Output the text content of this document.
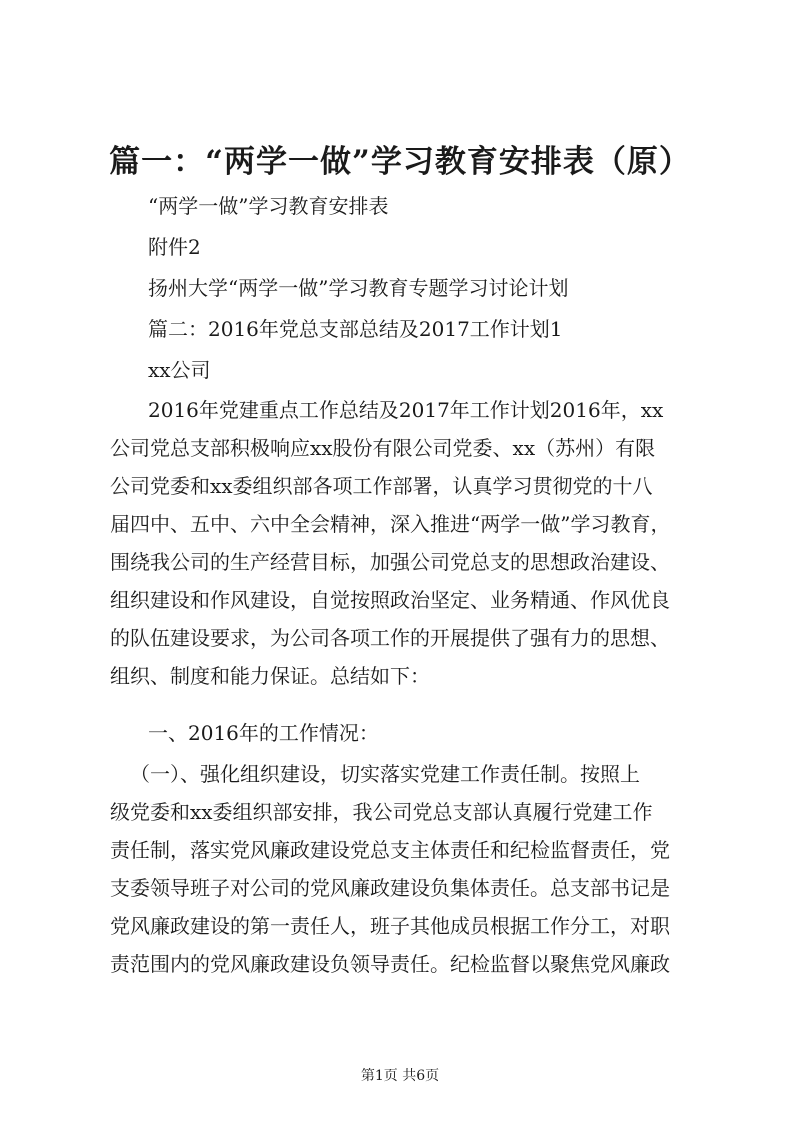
篇一：“两学一做”学习教育安排表（原）
“两学一做”学习教育安排表
附件2
扬州大学“两学一做”学习教育专题学习讨论计划
篇二：2016年党总支部总结及2017工作计划1
xx公司
2016年党建重点工作总结及2017年工作计划2016年，xx
公司党总支部积极响应xx股份有限公司党委、xx（苏州）有限
公司党委和xx委组织部各项工作部署，认真学习贯彻党的十八
届四中、五中、六中全会精神，深入推进“两学一做”学习教育，
围绕我公司的生产经营目标，加强公司党总支的思想政治建设、
组织建设和作风建设，自觉按照政治坚定、业务精通、作风优良
的队伍建设要求，为公司各项工作的开展提供了强有力的思想、
组织、制度和能力保证。总结如下：
一、2016年的工作情况：
（一）、强化组织建设，切实落实党建工作责任制。按照上
级党委和xx委组织部安排，我公司党总支部认真履行党建工作
责任制，落实党风廉政建设党总支主体责任和纪检监督责任，党
支委领导班子对公司的党风廉政建设负集体责任。总支部书记是
党风廉政建设的第一责任人，班子其他成员根据工作分工，对职
责范围内的党风廉政建设负领导责任。纪检监督以聚焦党风廉政
第1页 共6页
